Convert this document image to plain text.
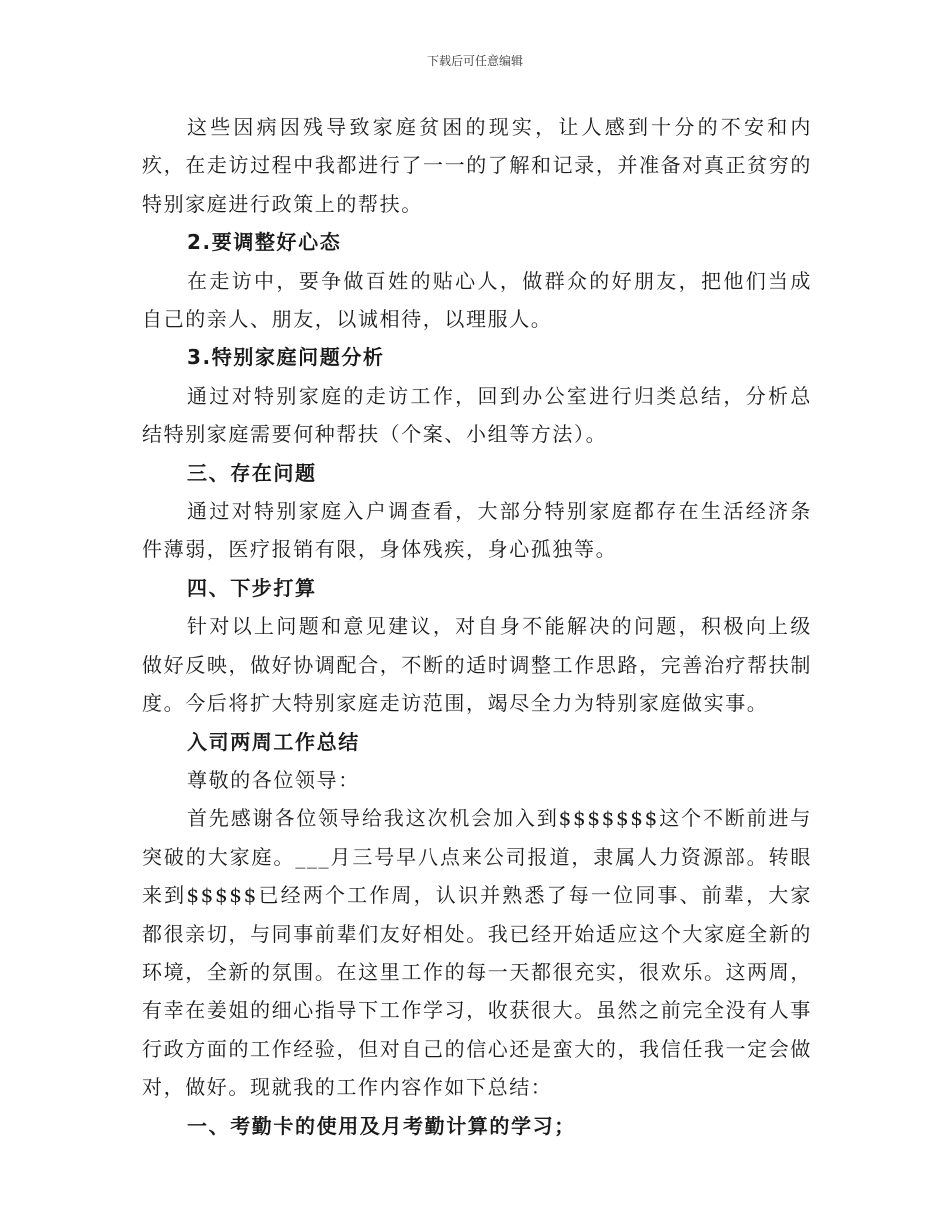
下载后可任意编辑

这些因病因残导致家庭贫困的现实，让人感到十分的不安和内疚，在走访过程中我都进行了一一的了解和记录，并准备对真正贫穷的特别家庭进行政策上的帮扶。

2.要调整好心态

在走访中，要争做百姓的贴心人，做群众的好朋友，把他们当成自己的亲人、朋友，以诚相待，以理服人。

3.特别家庭问题分析

通过对特别家庭的走访工作，回到办公室进行归类总结，分析总结特别家庭需要何种帮扶（个案、小组等方法）。

三、存在问题

通过对特别家庭入户调查看，大部分特别家庭都存在生活经济条件薄弱，医疗报销有限，身体残疾，身心孤独等。

四、下步打算

针对以上问题和意见建议，对自身不能解决的问题，积极向上级做好反映，做好协调配合，不断的适时调整工作思路，完善治疗帮扶制度。今后将扩大特别家庭走访范围，竭尽全力为特别家庭做实事。

入司两周工作总结

尊敬的各位领导：

首先感谢各位领导给我这次机会加入到$$$$$$$这个不断前进与突破的大家庭。___月三号早八点来公司报道，隶属人力资源部。转眼来到$$$$$已经两个工作周，认识并熟悉了每一位同事、前辈，大家都很亲切，与同事前辈们友好相处。我已经开始适应这个大家庭全新的环境，全新的氛围。在这里工作的每一天都很充实，很欢乐。这两周，有幸在姜姐的细心指导下工作学习，收获很大。虽然之前完全没有人事行政方面的工作经验，但对自己的信心还是蛮大的，我信任我一定会做对，做好。现就我的工作内容作如下总结：

一、考勤卡的使用及月考勤计算的学习；
